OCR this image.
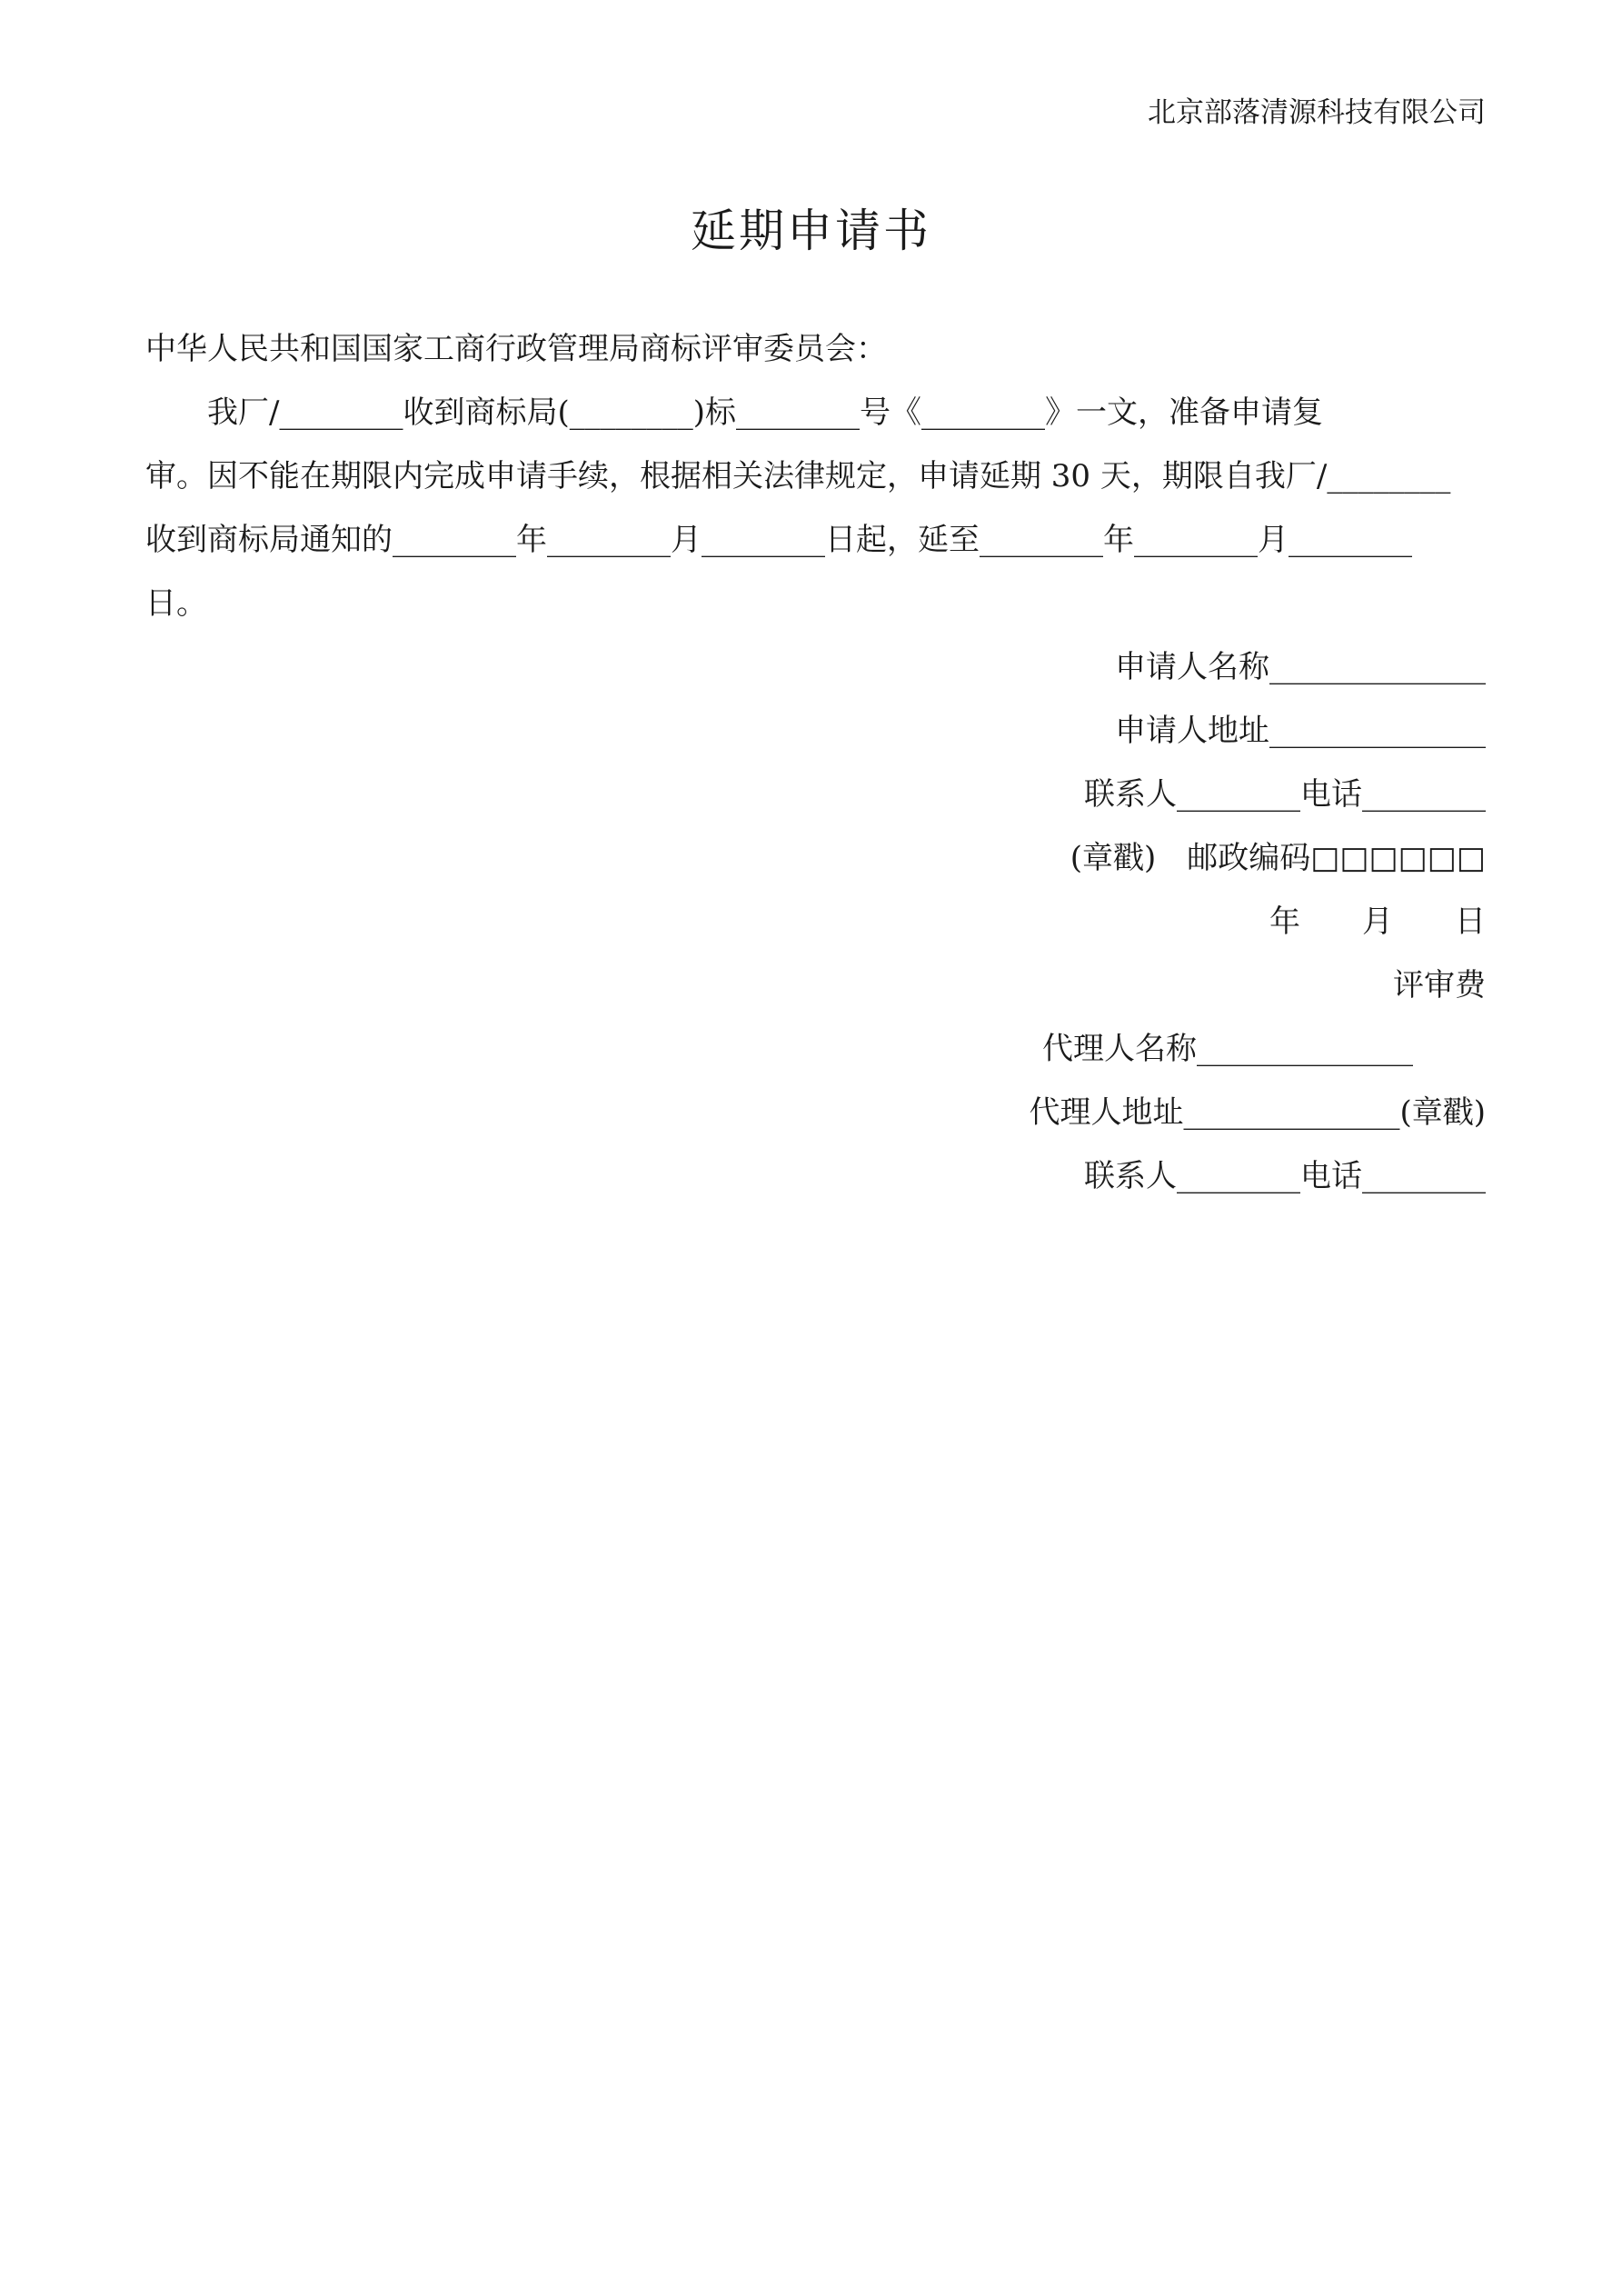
北京部落清源科技有限公司
延期申请书
中华人民共和国国家工商行政管理局商标评审委员会：
　　我厂/________收到商标局(________)标________号《________》一文，准备申请复
审。因不能在期限内完成申请手续，根据相关法律规定，申请延期 30 天，期限自我厂/________
收到商标局通知的________年________月________日起，延至________年________月________
日。
申请人名称______________
申请人地址______________
联系人________电话________
(章戳)　邮政编码□□□□□□
年　　月　　日
评审费
代理人名称______________
代理人地址______________(章戳)
联系人________电话________
